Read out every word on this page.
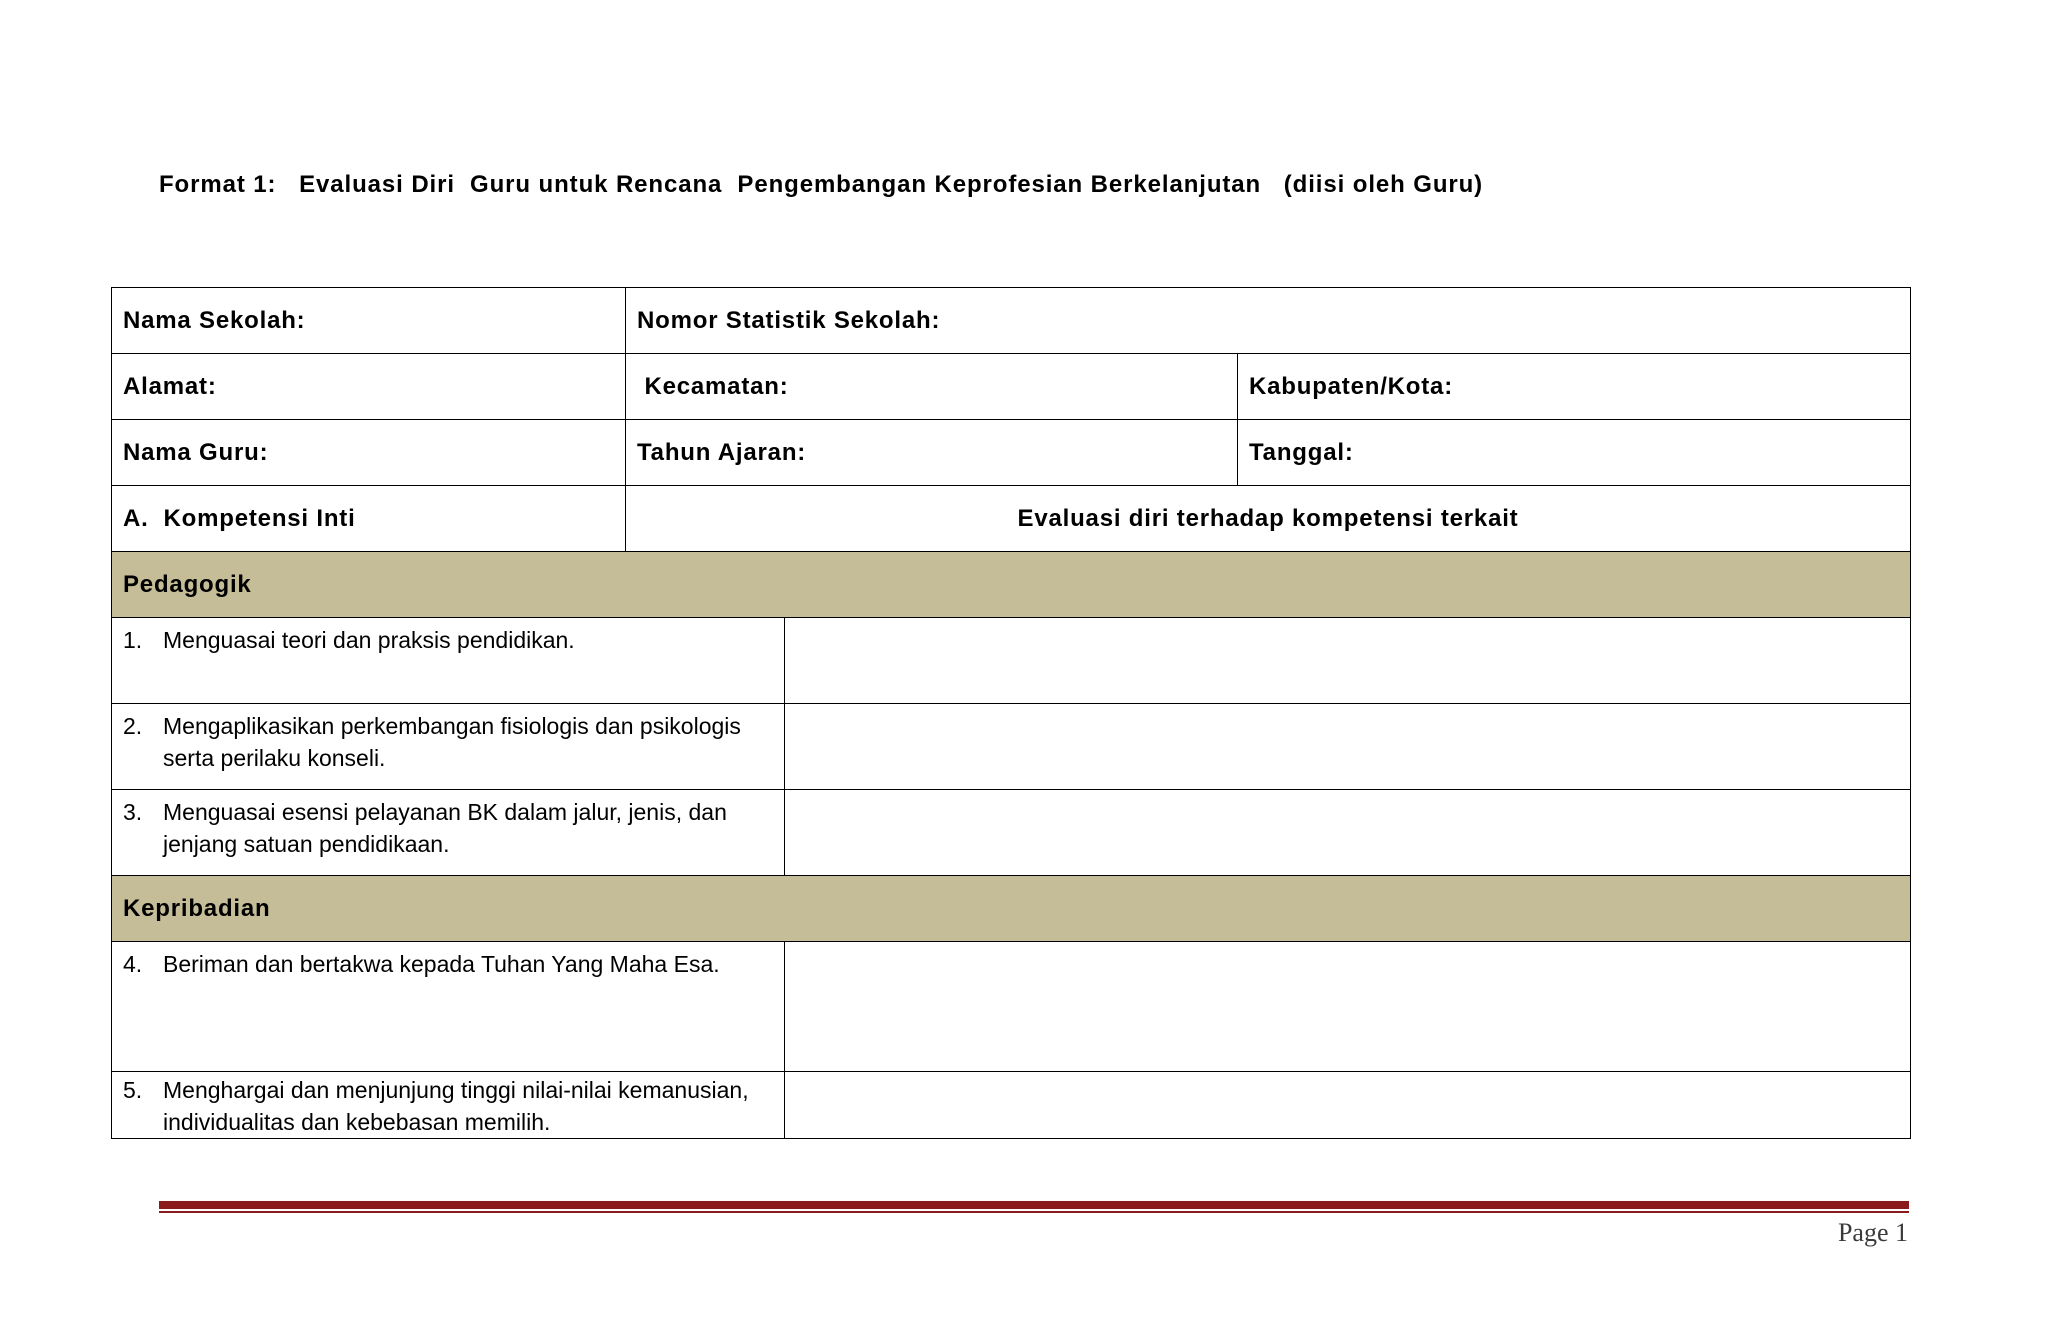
Format 1:   Evaluasi Diri  Guru untuk Rencana  Pengembangan Keprofesian Berkelanjutan   (diisi oleh Guru)
Nama Sekolah:	Nomor Statistik Sekolah:		
Alamat:	Kecamatan:		Kabupaten/Kota:
Nama Guru:	Tahun Ajaran:		Tanggal:
A.  Kompetensi Inti	Evaluasi diri terhadap kompetensi terkait		
Pedagogik			

1. Menguasai teori dan praksis pendidikan.			

2. Mengaplikasikan perkembangan fisiologis dan psikologis serta perilaku konseli.			

3. Menguasai esensi pelayanan BK dalam jalur, jenis, dan jenjang satuan pendidikaan.			

Kepribadian			

4. Beriman dan bertakwa kepada Tuhan Yang Maha Esa.			

5. Menghargai dan menjunjung tinggi nilai-nilai kemanusian, individualitas dan kebebasan memilih.			

Page 1
